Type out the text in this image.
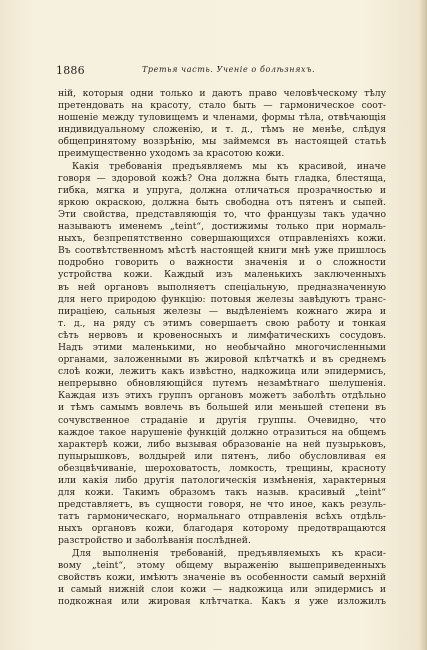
1886	Третья часть. Ученіе о болѣзняхъ.
ній, которыя одни только и даютъ право человѣческому тѣлу
претендовать на красоту, стало быть — гармоническое соот-
ношеніе между туловищемъ и членами, формы тѣла, отвѣчающія
индивидуальному сложенію, и т. д., тѣмъ не менѣе, слѣдуя
общепринятому воззрѣнію, мы займемся въ настоящей статьѣ
преимущественно уходомъ за красотою кожи.
Какія требованія предъявляемъ мы къ красивой, иначе
говоря — здоровой кожѣ? Она должна быть гладка, блестяща,
гибка, мягка и упруга, должна отличаться прозрачностью и
яркою окраскою, должна быть свободна отъ пятенъ и сыпей.
Эти свойства, представляющія то, что французы такъ удачно
называютъ именемъ „teint“, достижимы только при нормаль-
ныхъ, безпрепятственно совершающихся отправленіяхъ кожи.
Въ соотвѣтственномъ мѣстѣ настоящей книги мнѣ уже пришлось
подробно говорить о важности значенія и о сложности
устройства кожи. Каждый изъ маленькихъ заключенныхъ
въ ней органовъ выполняетъ спеціальную, предназначенную
для него природою функцію: потовыя железы завѣдуютъ транс-
пираціею, сальныя железы — выдѣленіемъ кожнаго жира и
т. д., на ряду съ этимъ совершаетъ свою работу и тонкая
сѣть нервовъ и кровеносныхъ и лимфатическихъ сосудовъ.
Надъ этими маленькими, но необычайно многочисленными
органами, заложенными въ жировой клѣтчаткѣ и въ среднемъ
слоѣ кожи, лежитъ какъ извѣстно, надкожица или эпидермисъ,
непрерывно обновляющійся путемъ незамѣтнаго шелушенія.
Каждая изъ этихъ группъ органовъ можетъ заболѣть отдѣльно
и тѣмъ самымъ вовлечь въ большей или меньшей степени въ
сочувственное страданіе и другія группы. Очевидно, что
каждое такое нарушеніе функцій должно отразиться на общемъ
характерѣ кожи, либо вызывая образованіе на ней пузырьковъ,
пупырышковъ, волдырей или пятенъ, либо обусловливая ея
обезцвѣчиваніе, шероховатость, ломкость, трещины, красноту
или какія либо другія патологическія измѣненія, характерныя
для кожи. Такимъ образомъ такъ назыв. красивый „teint“
представляетъ, въ сущности говоря, не что иное, какъ резуль-
татъ гармоническаго, нормальнаго отправленія всѣхъ отдѣль-
ныхъ органовъ кожи, благодаря которому предотвращаются
разстройство и заболѣванія послѣдней.
Для выполненія требованій, предъявляемыхъ къ краси-
вому „teint“, этому общему выраженію вышеприведенныхъ
свойствъ кожи, имѣютъ значеніе въ особенности самый верхній
и самый нижній слои кожи — надкожица или эпидермисъ и
подкожная или жировая клѣтчатка. Какъ я уже изложилъ
